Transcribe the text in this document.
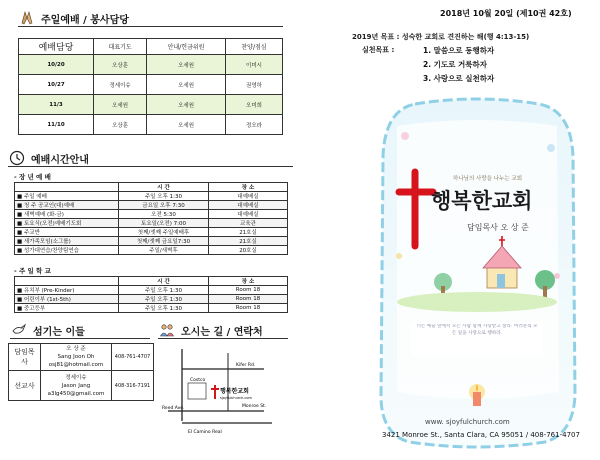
주일예배 / 봉사담당
예배담당	대표기도	안내/헌금위원	찬양/점심
10/20	오상훈	오세원	이미시
10/27	정세이슈	오세원	권영하
11/3	오세원	오세원	오미희
11/10	오상훈	오세원	정오라
예배시간안내
- 장 년 예 배
	시 간	장 소
■ 주일 예배	주일 오후 1:30	대예배실
■ 청 주 공교인(대)예배	금요일 오후 7:30	대예배실
■ 새벽예배 (화-금)	오전 5:30	대예배실
■ 토요식(오전)예배기도회	토요일(오전) 7:00	교육관
■ 주교반	첫째/셋째 주일예배후	21호실
■ 새가족모임(소그룹)	첫째/셋째 금요일7:30	21호실
■ 성가대연습/찬양팀연습	주일/새벽후	20호실
- 주 일 학 교
	시 간	장 소
■ 유치부 (Pre-Kinder)	주일 오후 1:30	Room 18
■ 어린이부 (1st-5th)	주일 오후 1:30	Room 18
■ 중고등부	주일 오후 1:30	Room 18
섬기는 이들
담임목사	오 상 준
Sang Joon Oh
osj81@hotmail.com	408-761-4707
선교사	정세이슈
Jason Jang
a3lg450@gmail.com	408-316-7191
오시는 길 / 연락처
Costco
Kifer Rd.
Monroe St.
Reed Ave.
El Camino Real
행복한교회
sjoyfulchurch.com
2018년 10월 20일 (제10권 42호)
2019년 목표 : 성숙한 교회로 견진하는 해(행 4:13-15)
실천목표 :	1. 말씀으로 동행하자
2. 기도로 거룩하자
3. 사랑으로 실천하자
하나님의 사랑을 나누는 교회
행복한교회
담임목사 오 상 준
너는 예술 앞에서 모든 사람 함께 사랑받고 살라. 여러분의 모든 일을 사랑으로 행하라.
www. sjoyfulchurch.com
3421 Monroe St., Santa Clara, CA 95051 / 408-761-4707
